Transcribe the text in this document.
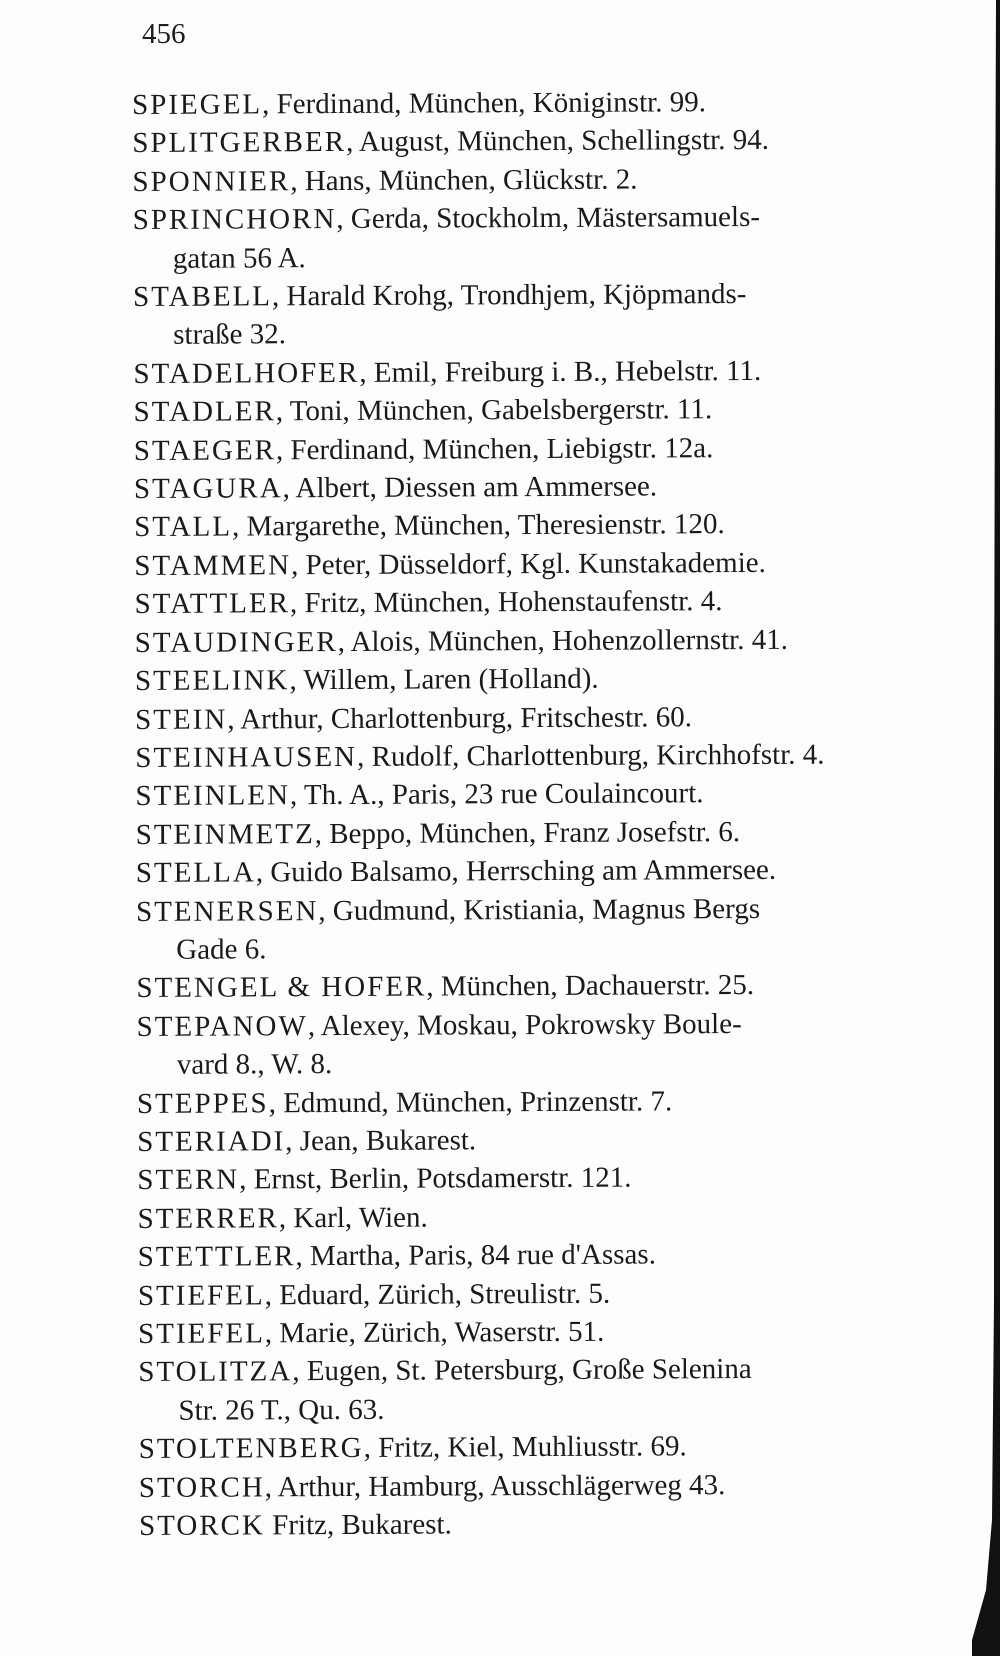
456
SPIEGEL, Ferdinand, München, Königinstr. 99.
SPLITGERBER, August, München, Schellingstr. 94.
SPONNIER, Hans, München, Glückstr. 2.
SPRINCHORN, Gerda, Stockholm, Mästersamuels-
gatan 56 A.
STABELL, Harald Krohg, Trondhjem, Kjöpmands-
straße 32.
STADELHOFER, Emil, Freiburg i. B., Hebelstr. 11.
STADLER, Toni, München, Gabelsbergerstr. 11.
STAEGER, Ferdinand, München, Liebigstr. 12a.
STAGURA, Albert, Diessen am Ammersee.
STALL, Margarethe, München, Theresienstr. 120.
STAMMEN, Peter, Düsseldorf, Kgl. Kunstakademie.
STATTLER, Fritz, München, Hohenstaufenstr. 4.
STAUDINGER, Alois, München, Hohenzollernstr. 41.
STEELINK, Willem, Laren (Holland).
STEIN, Arthur, Charlottenburg, Fritschestr. 60.
STEINHAUSEN, Rudolf, Charlottenburg, Kirchhofstr. 4.
STEINLEN, Th. A., Paris, 23 rue Coulaincourt.
STEINMETZ, Beppo, München, Franz Josefstr. 6.
STELLA, Guido Balsamo, Herrsching am Ammersee.
STENERSEN, Gudmund, Kristiania, Magnus Bergs
Gade 6.
STENGEL & HOFER, München, Dachauerstr. 25.
STEPANOW, Alexey, Moskau, Pokrowsky Boule-
vard 8., W. 8.
STEPPES, Edmund, München, Prinzenstr. 7.
STERIADI, Jean, Bukarest.
STERN, Ernst, Berlin, Potsdamerstr. 121.
STERRER, Karl, Wien.
STETTLER, Martha, Paris, 84 rue d'Assas.
STIEFEL, Eduard, Zürich, Streulistr. 5.
STIEFEL, Marie, Zürich, Waserstr. 51.
STOLITZA, Eugen, St. Petersburg, Große Selenina
Str. 26 T., Qu. 63.
STOLTENBERG, Fritz, Kiel, Muhliusstr. 69.
STORCH, Arthur, Hamburg, Ausschlägerweg 43.
STORCK Fritz, Bukarest.
